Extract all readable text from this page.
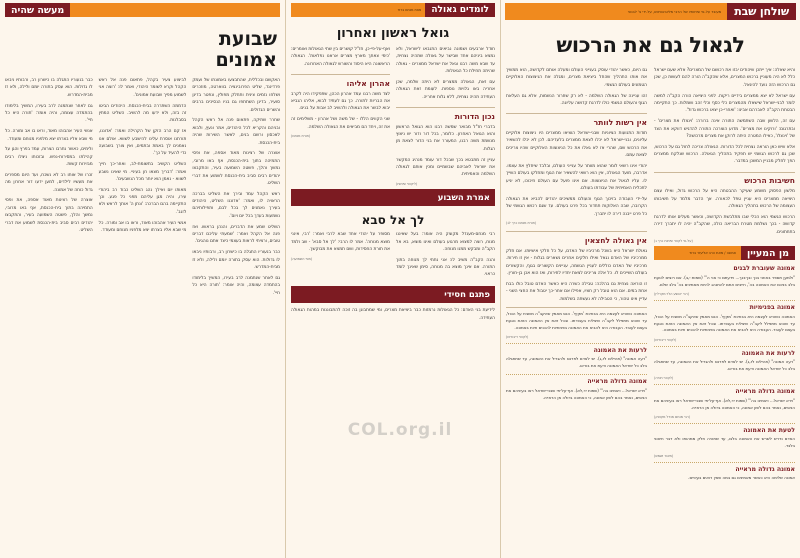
שולחן שבת
מעובד על-פי שיחותיו של הרבי מליובאוויטש, על-ידי צ' לבנוני
לגאול גם את הרכוש

והיא שאלה: איך ייתכן שיהודים יבזו את רכושם של המצרים? אלא שעם ישראל כלל לא היה מעוניין ברכוש המצרים, אלא שהקב"ה הורה להם לעשות כן, שכן גם הרכוש הזה נועד להיגאל.

עם ישראל לא יצא ממצרים בידיים ריקות. לפני היציאה הורה הקב"ה למשה לומר לבני-ישראל שישאלו מהמצרים כלי כסף וכלי זהב ושמלות. כך התקיימה הבטחת הקב"ה לאברהם אבינו: 'ואחרי-כן יצאו ברכוש גדול'.

עם זה, הלשון שבה השתמשה התורה אינה ברורה: 'וינצלו את מצרים' - ובתרגום: 'ורוקינו את מצרים'. מדוע הוצרכה התורה להדגיש דווקא את הצד של 'וינצלו', כאילו המטרה היתה לרוקן את מצרים מרכושה?

אלא שיש כאן הוראה נצחית לכל הדורות. הגאולה צריכה לחול גם על הרכוש, שכן גם לרכוש הגשמי יש תפקיד בתהליך הגאולה. הרכוש שנלקח ממצרים הפך לחלק מבניין המשכן במדבר.

חשיבות הרכוש

מלשון הפסוק משמע שעיקר ההבטחה היא על הרכוש גדול, ואילו עצם היציאה ממצרים היא עניין טפל לכאורה. אך הדבר מלמד על חשיבותו העצומה של הרכוש בתהליך הגאולה.

הרכוש הגשמי הוא הכלי שבו מתלבשת הקדושה, וכאשר מעלים אותו לדרגת קדושה - בכך נשלמת מטרת הבריאה כולה, שהקב"ה יהיה לו יתברך דירה בתחתונים.

(על-פי לקוטי שיחות כרך ג)

מן המעיין
אמונה / מאת הרב אליעזר ברוד
אמונה שעוברת לבנים

"ולמען תספר באוזני בנך ובן-בנך... וידעתם כי אני ה'" (שמות י,ב). אם רוצים לטעת בלב בניכם את האמונה בה', חייבים אתם להתנהג להיות מאמינים בה' בלב שלם.

(רבי יהושע הלוי מקרלין)

אמונה בפנימיות

האמונה כשהיא לעצמה היא בבחינת 'מקיף'. הנס מאמין שהקב"ה משגיח על הכול, עד שהוא מתפלל לקב"ה שיצליח בעבודתו. ובכל זאת אין האמונה הזאת נוגעת בעצם לעובד. העבודה היא להביא את האמונה בפנימיות להכניס חיות באמונה.

(לקוטי דיבורים)

לרעות את האמונה

"רעה אמונה" (תהילים לז,ג). יש לאדם לפרנס ולהגדיל את האמונה, עד שתתגלה בלב כל ישראל האמונה ודעת את בוראו.

(לקוטי תורה)

אמונה גדולה מראייה

"וירא ישראל... ויאמינו בה'" (שמות יד,לא). אף-על-פי שבני-ישראל ראו בעיניהם את הניסים, נאמר בהם לשון אמונה, כי האמונה גדולה מן הראייה.

(רבי מנחם מנדל מקוצק)

לטעת את האמונה

האדם נדרש לשרש את האמונה בלבו, עד שתהיה חלק ממהותו ולא דבר חיצוני בלבד.

(מאור ושמש)

אמונה גדולה מראייה

אמונה שלימה היא כאשר מאמינים גם במה שאין רואים בעיניים.

גם היום, כאשר יהודי עוסק בענייני העולם ומעלה אותם לקדושה, הוא ממשיך את אותו התהליך שהחל ביציאת מצרים, ומגלה את הניצוצות האלוקיים הטמונים בעולם הגשמי.

זהו עניינה של הגאולה השלמה - לא רק שחרור הנשמות, אלא גם העלאת הגוף והעולם הגשמי כולו לדרגת קדושה עליונה.

אין רשות לוותר

תודות התנועות הציוניות שבני-ישראל הוציאו ממצרים היו ניצוצות אלוקיים עליונים, ובני-ישראל לא יכלו לצאת ממצרים בלעדיהם. לכן לא יכלו להשאיר את הרכוש שם, שהרי אז לא גאלו את כל הניצוצות האלוקיים שהיו צריכים לצאת עמם.

יהודי אינו רשאי לומר שהוא מוותר על ענייני העולם, ובלבד שיחלץ את עצמו. אדרבה, מועד הגאולה, אין הוא רשאי להשאיר את הגוף ומחלקו בעולם השייך לו. עליו לגאול את הניצוצות. אם אינו פועל עם העולם וזיכוכו, לא יגיע לתכלית האמיתית של עבודתו בעולם.

על-ידי העבודה בזיכוך הגוף והעולם ממשיכים יהודים להביא את הגאולה הקרובה, שבה האלוקות תחדור בכל פרט בעולם. עד שגם רכושו הגשמי של כל פרט ייבנה דירה לו יתברך.

(תורת מנחם כרך לג)

אין גאולה לחצאין

גאולת ישראל היא בשכל מרכיביו של האדם, על כל חלקי אישיותו. אם חלק ממרכיביו של האדם נגאל ואילו חלקים אחרים נשארים בגלות - אין זו חירות. מרכיביו של האדם כוללים לעניין הגשמה, עניינים הקשורים בגוף, והקשורים בעולם השייכים לו. כל אלה צריכים לצאת יחדיו לחירות, ואז הוא אכן בן-חורין.

זו הוראה נצחית גם בהלכה: טבילה כשרה היא כאשר האדם טובל כולו בבת אחת במים. אם הוא טובל רק חציו, אפילו אם אחר-כך יטבול את החצי השני - עדיין אינו טהור, כי הטבילה לא נעשתה בשלמות.

האמונה כשהיא לעצמה היא בבחינת 'מקיף'. הנס מאמין שהקב"ה משגיח על הכול, עד שהוא מתפלל לקב"ה שיצליח בעבודתו. ובכל זאת אין האמונה הזאת נוגעת בעצם לעובד. העבודה היא להביא את האמונה בפנימיות להכניס חיות באמונה.

(לקוטי דיבורים)

לרעות את האמונה

"רעה אמונה" (תהילים לז,ג). יש לאדם לפרנס ולהגדיל את האמונה, עד שתתגלה בלב כל ישראל האמונה ודעת את בוראו.

אמונה גדולה מראייה

"וירא ישראל... ויאמינו בה'" (שמות יד,לא). אף-על-פי שבני-ישראל ראו בעיניהם את הניסים, נאמר בהם לשון אמונה, כי האמונה גדולה מן הראייה.

לומדים גאולה
מאת מנחם ברוד
גואל ראשון ואחרון

חודל ארבעים ושמונה נביאים התנבאו לישראל, ולא נמצא ביניהם אחד שבישר על גאולה שתהיה נצחית, עד שבא משה רבנו וגאל את ישראל ממצרים - גאולה שהיתה תחילת כל הגאולות.

עם זאת, הגאולה ממצרים לא היתה שלמה, שכן אחריה באו גלויות נוספות. לעומת זאת הגאולה העתידה תהיה נצחית, ללא גלות אחריה.

נכון הדורות

בדברי חז"ל מבואר שמשה רבנו הוא הגואל הראשון והוא הגואל האחרון. כלומר, בכל דור ודור יש ניצוץ מנשמת משה רבנו, המעורר את בני הדור לצאת מן הגלות.

עניין זה מתבטא בכך שבכל דור עומד מנהיג המקשר את ישראל לאביהם שבשמיים ומכין אותם לגאולה השלמה והאמיתית.

(ליקוטי שיחות)

ואף-על-פי-כן, חז"ל קושרים בין שתי הגאולות ואומרים: 'כימי צאתך מארץ מצרים אראנו נפלאות'. הגאולה הראשונה היא היסוד והשורש לגאולה האחרונה.

אהרון אליהו

לצד משה רבנו עמד אהרון הכהן, שתפקידו היה לקרב את הבריות לתורה. כך גם לעתיד לבוא, אליהו הנביא יבוא לבשר את הגאולה ולהשיב לב אבות על בנים.

שני הקווים הללו - של משה ושל אהרון - משלימים זה את זה, ויחד הם מביאים את הגאולה השלמה.

(תורת מנחם)

אמרת השבוע
לך אל סבא

רבי מנחם-מענדל מקוצק היה אומר: בעל שאיננו מנוח, רוצה למצוא מרגוע בעולם ואינו מוצא, בא אל הקב"ה ומבקש ממנו מנוחה.

והנה הקב"ה משיב לו: אני נתתי לך מנוחה בתוך התורה. אם אינך מוצא בה מנוחה, סימן שאינך לומד כראוי.

מסופר על יהודי אחד שבא לרבי ואמר: 'רבי, אינני מוצא מנוחה'. אמר לו הרבי: 'לך אל סבא' - שב ולמד את תורת החסידות, ושם תמצא את מבוקשך.

(מפי השמועה)

פתגם חסידי

לידיעת בני האדם: כל הגאולות נרמזות כבר ביציאת מצרים, ומי שמתבונן בה זוכה להתבוננות במהות הגאולה העתידה.

מעשה שהיה
שבועת
אמונים

האקשם ובכללית, שהתבצעו באמונתו של ועמק פרדיננד, שליט הפרובינציה בווארטה, מוזכרים ושלחו נזמים צינית ותחלק מפולין, ונפטר בדינן סועיר, בדינן השתתפו גם בניו הנסיכים ברבים והשרים הגדולים.

שחרר שתיקה, פתאום פנה אל ראש הקהל ובניהם והקריא לכל היהודים, אמר ונעץ, ולבוא לאכסון ורשם בנים, לאשר השירות שהיה בית-הכנסת.

אוצרה של רצינות מאוד אספה, את ופסי התמיהה בתוך בית-הכנסת, אף באו מרובי, נמשך והלך, פשטה השמועה בעיר, והתקבצו יהודים רבים סביב בית-הכנסת לשמוע את דברי השליט.

ראש הקהל עמד ובירך את השליט בברכה הראויה לו, ואמר: 'אדוננו השליט, היהודים בעירך נאמנים לך בכל לבם, ותפילותיהם נשמעות בעדך בכל יום ויום'.

השליט שמע את הדברים, והנהן בראשו. ואז פנה אל הקהל ואמר: 'שמעתי עליכם דברים טובים, ורציתי לראות בעצמי כיצד אתם נוהגים'.

כבר בנעוריו התגלה בו כישרון רב, ורבותיו ניבאו לו גדולות. הוא עסק בתורה יומם ולילה, ולא זז מבית-המדרש.

גם לאחר שנתמנה לרב בעירו, המשיך בלימודו בהתמדה עצומה, והיה אומר: 'תורה היא כל חיי'.

לביצוע צעיר בקהל, פתאום פנה אל ראש הקהל וקרא לשומר היהודי, ואמר לו: 'רוצה אני לשמוע מפיך שבועת אמונים'.

הדממה השתררה בבית-הכנסת. היהודים הביטו זה בזה, ולא ידעו מה להשיב. השליט המתין בסבלנות.

אז קם הרב הזקן של הקהילה ואמר: 'אדוננו, תורתנו אוסרת עלינו להישבע לשווא. אולם אנו נאמנים לך באמת ובתמים, ואין צורך בשבועה כדי להעיד על כך'.

השליט הקשיב בתשומת-לב, ואחר-כך חייך ואמר: 'דבריך מצאו חן בעיניי. מי שאינו נשבע לשווא - נאמן הוא יותר מכל הנשבעים'.

מאותו יום ואילך נהג השליט כבוד רב ביהודי עירו, והיה מגן עליהם מפני כל פגע. וכך התקיימה בהם הברכה: 'ונתן ה' אותך לראש ולא לזנב'.

אנשי העיר אהבוהו מאוד, וראו בו אב ומורה. כל מי שבא אליו בצרתו יצא מלפניו מנוחם ומעודד.

כבר בנעוריו התגלה בו כישרון רב, ורבותיו ניבאו לו גדולות. הוא עסק בתורה יומם ולילה, ולא זז מבית-המדרש.

גם לאחר שנתמנה לרב בעירו, המשיך בלימודו בהתמדה עצומה, והיה אומר: 'תורה היא כל חיי'.

אנשי העיר אהבוהו מאוד, וראו בו אב ומורה. כל מי שבא אליו בצרתו יצא מלפניו מנוחם ומעודד.

ולימים, כאשר נתרבו הצרות, עמד בפרץ והגן על קהילתו במסירות-נפש. ובזכותו ניצלו רבים מגזירות קשות.

זכרו של אותו רב לא נשכח, ועד היום מספרים את מעשיו לילדים, למען ידעו דור אחרון מה גדול כוחה של אמונה.

אוצרה של רצינות מאוד אספה, את ופסי התמיהה בתוך בית-הכנסת, אף באו מרובי, נמשך והלך, פשטה השמועה בעיר, והתקבצו יהודים רבים סביב בית-הכנסת לשמוע את דברי השליט.

COL.org.il
